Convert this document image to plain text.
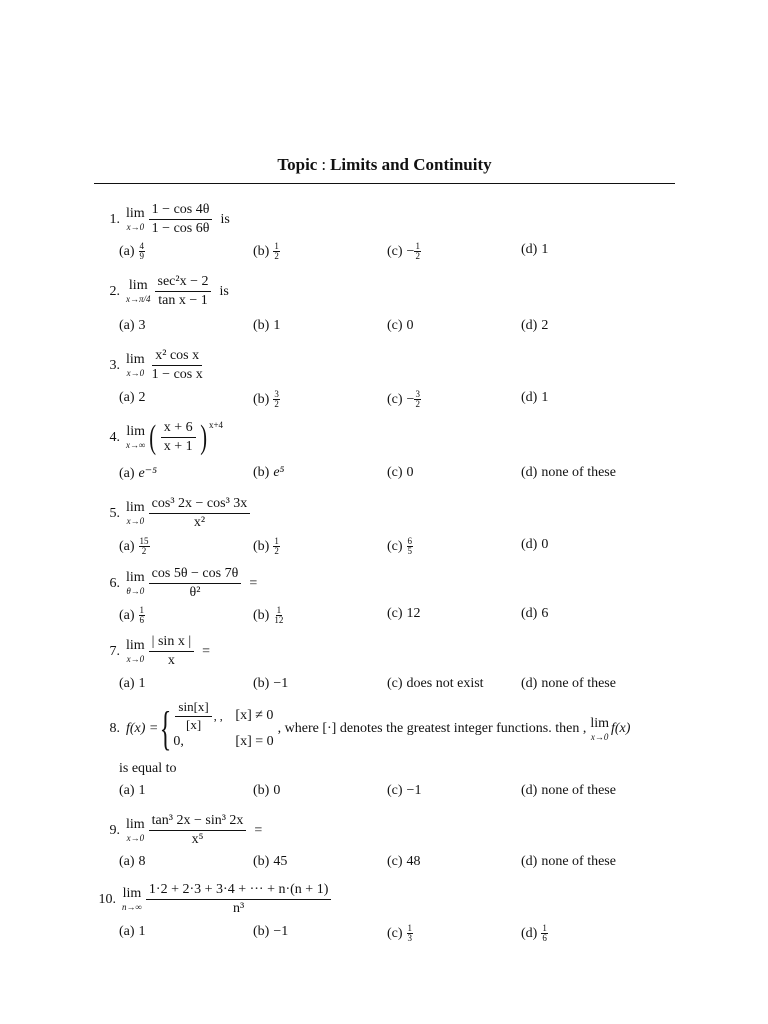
Topic : Limits and Continuity
1. lim
$x\to 0 \frac{1 - \cos 4\theta}{1 - \cos 6\theta}$ is
$(a) \frac{4}{9}$	$(b) \frac{1}{2}$	$(c) - \frac{1}{2}$	(d) 1
2. lim
$x\to\pi/4 \frac{\text{sec²x − 2}}{\text{tan x − 1}}$ is
(a) 3	(b) 1	(c) 0	(d) 2
3. lim
$x\to 0 \frac{\text{x² cos x}}{\text{1 − cos x}}$
(a) 2	$(b) \frac{3}{2}$	$(c) - \frac{3}{2}$	(d) 1
4. lim
x→∞ ( $\frac{x + 6}{x + 1}$ ) $^{x+4}$
(a) e⁻⁵	(b) e⁵	(c) 0	(d) none of these
5. lim
$x\to 0 \frac{\text{cos³ 2x − cos³ 3x}}{\text{x²}}$
$(a) \frac{15}{2}$	$(b) \frac{1}{2}$	$(c) \frac{6}{5}$	(d) 0
6. lim
$\theta\to 0 \frac{\cos 5\theta - \cos 7\theta}{\text{θ²}}$ =
$(a) \frac{1}{6}$	$(b) \frac{1}{12}$	(c) 12	(d) 6
7. lim
$x\to 0 \frac{\text{| sin x |}}{x}$ =
(a) 1	(b) −1	(c) does not exist	(d) none of these
8. f(x) = { $\frac{\sin[x]}{[x]}$ , , [x] ≠ 0
0,	[x] = 0
, where [·] denotes the greatest integer functions. then , lim
x→0
f(x)
is equal to
(a) 1	(b) 0	(c) −1	(d) none of these
9. lim
$x\to 0 \frac{\text{tan³ 2x − sin³ 2x}}{\text{x⁵}}$ =
(a) 8	(b) 45	(c) 48	(d) none of these
10. lim
$n\to\infty \frac{1\cdot 2 + 2\cdot 3 + 3\cdot 4 + \cdot\cdot\cdot + n\cdot(n + 1)}{\text{n³}}$
(a) 1	(b) −1	$(c) \frac{1}{3}$	$(d) \frac{1}{6}$
